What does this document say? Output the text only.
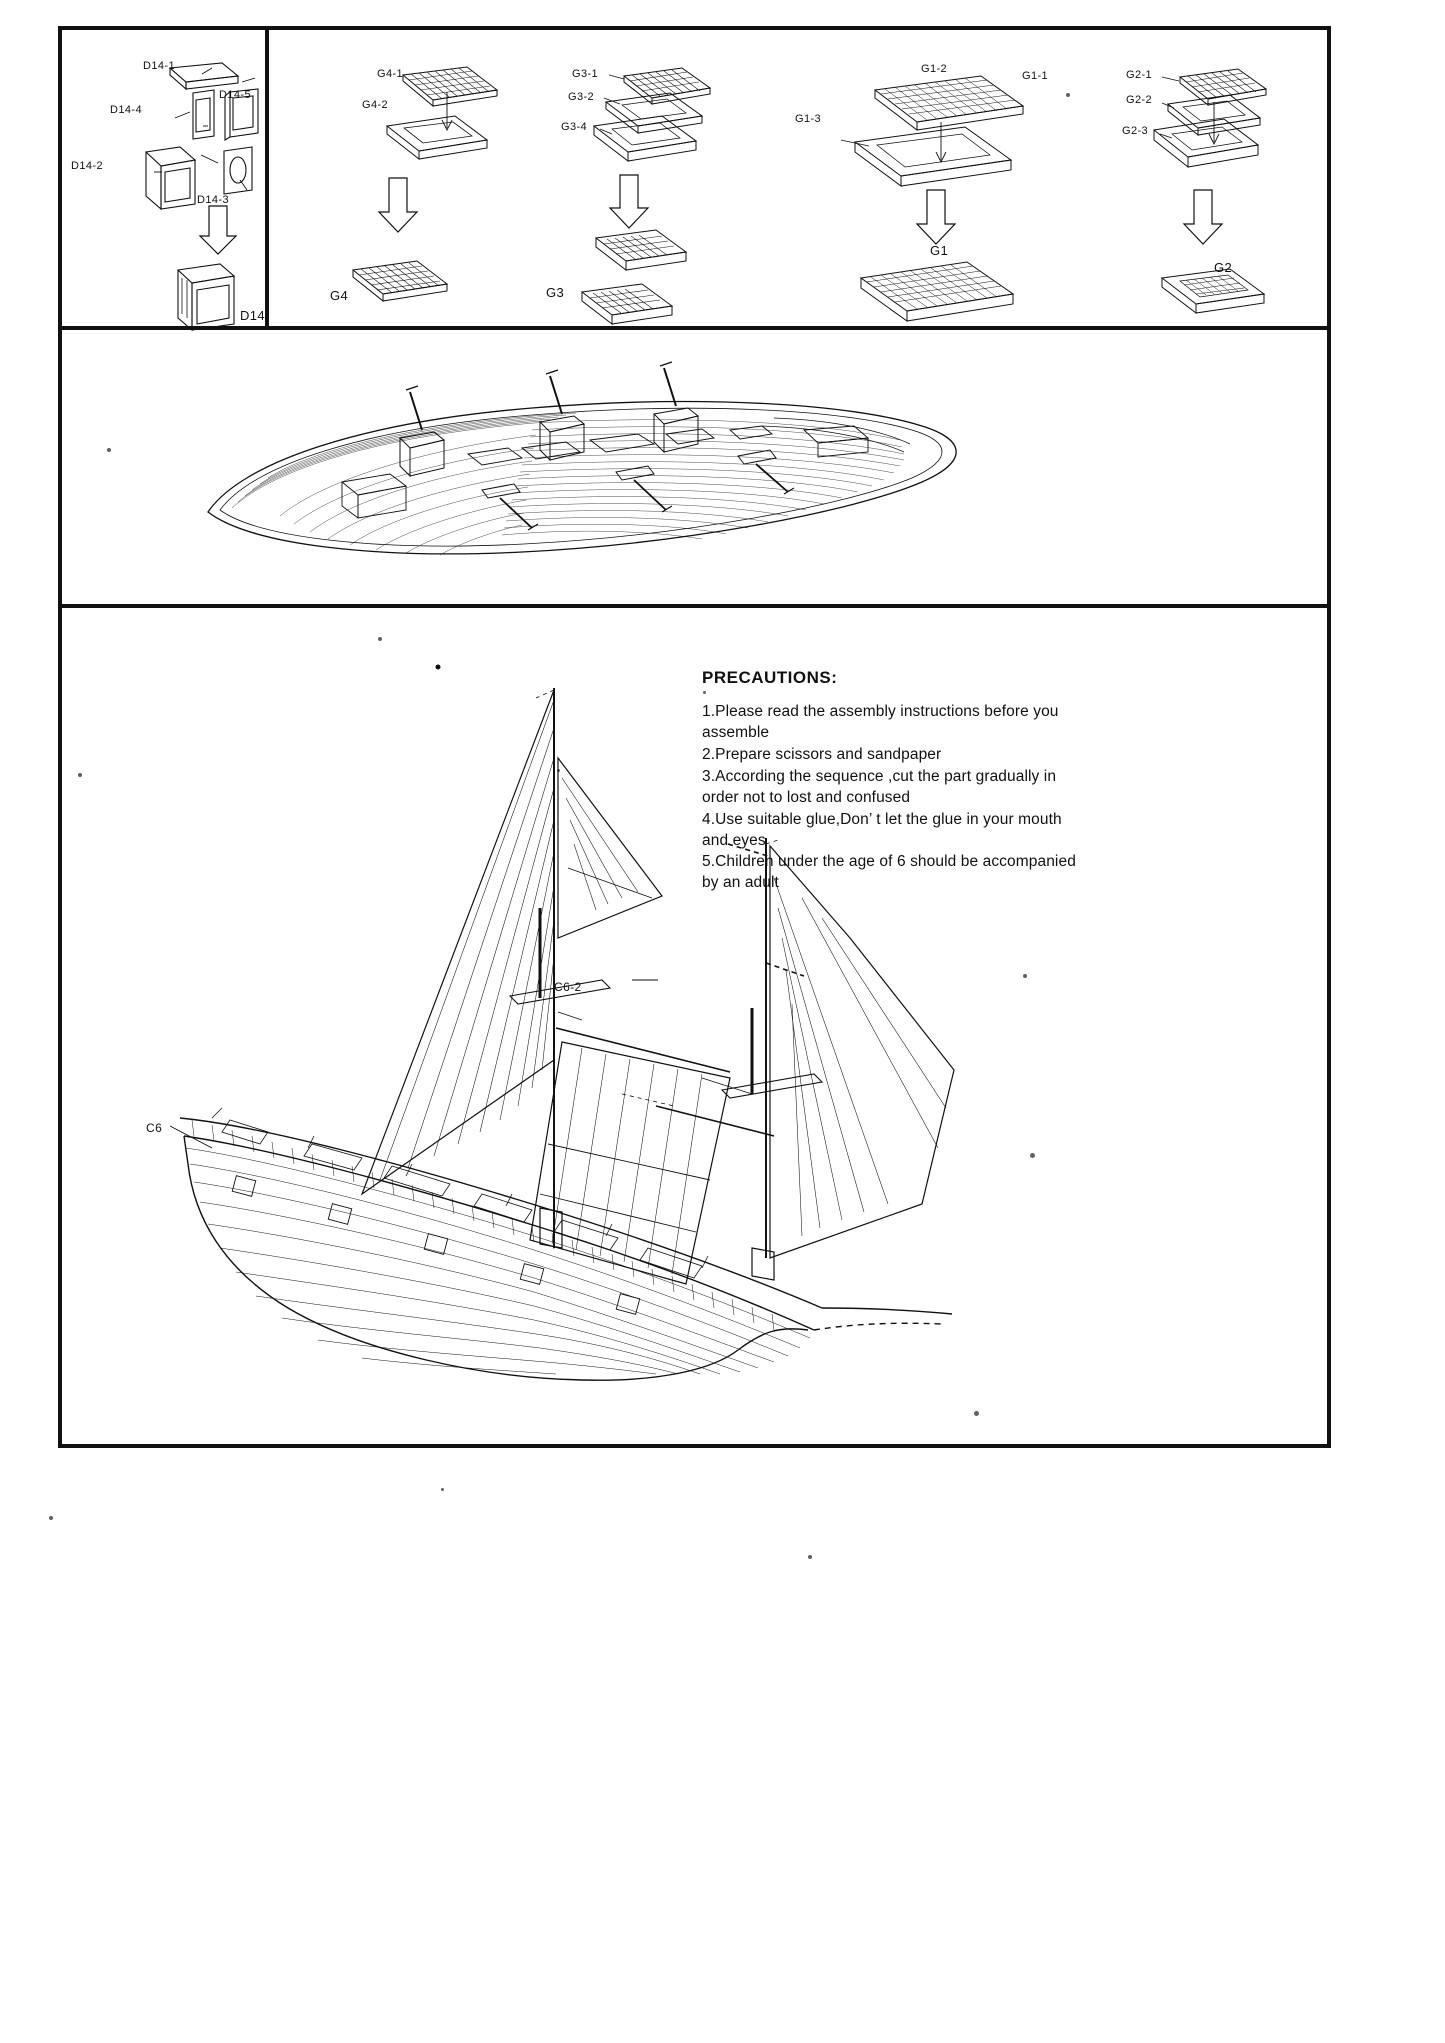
D14-1
D14-5
D14-4
D14-2
D14-3
D14
G4-1
G4-2
G4
G3-1
G3-2
G3-4
G3
G1-2
G1-1
G1-3
G1
G2-1
G2-2
G2-3
G2
C6-2
C6
PRECAUTIONS:

1.Please read the assembly instructions before you assemble

2.Prepare scissors and sandpaper

3.According the sequence ,cut the part gradually in order not to lost and confused

4.Use suitable glue,Don’ t let the glue in your mouth and eyes

5.Children under the age of 6 should be accompanied by an adult
